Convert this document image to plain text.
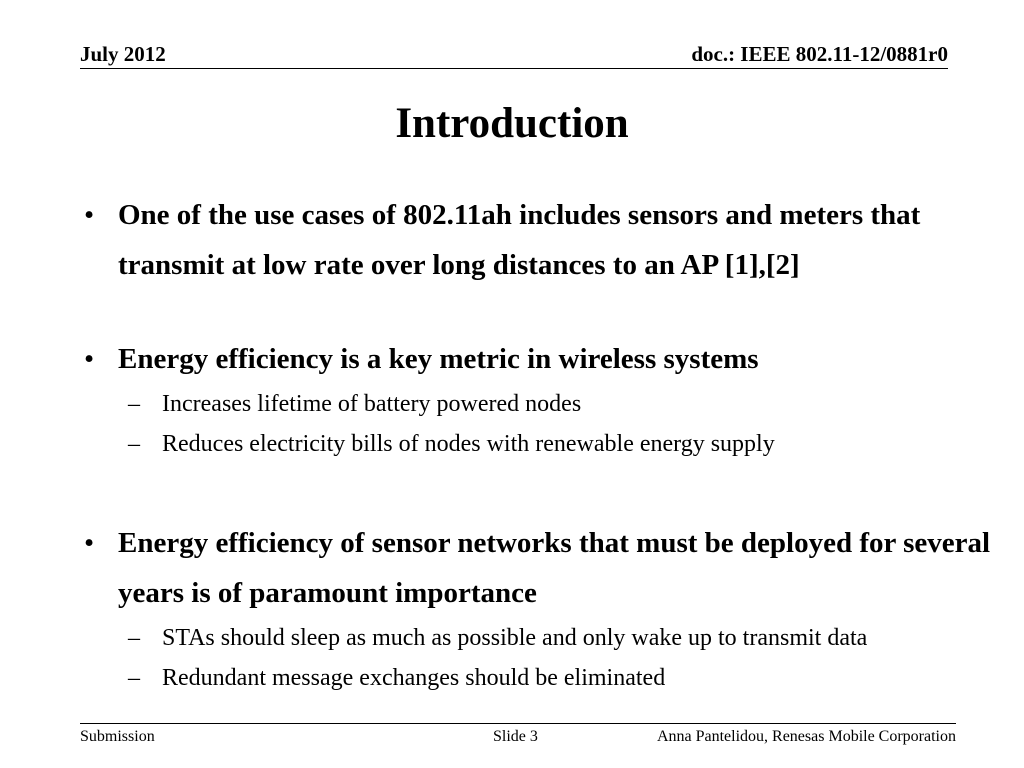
July 2012	doc.: IEEE 802.11-12/0881r0
Introduction
• One of the use cases of 802.11ah includes sensors and meters that transmit at low rate over long distances to an AP [1],[2]
• Energy efficiency is a key metric in wireless systems
– Increases lifetime of battery powered nodes
– Reduces electricity bills of nodes with renewable energy supply
• Energy efficiency of sensor networks that must be deployed for several years is of paramount importance
– STAs should sleep as much as possible and only wake up to transmit data
– Redundant message exchanges should be eliminated
Submission	Slide 3	Anna Pantelidou, Renesas Mobile Corporation
